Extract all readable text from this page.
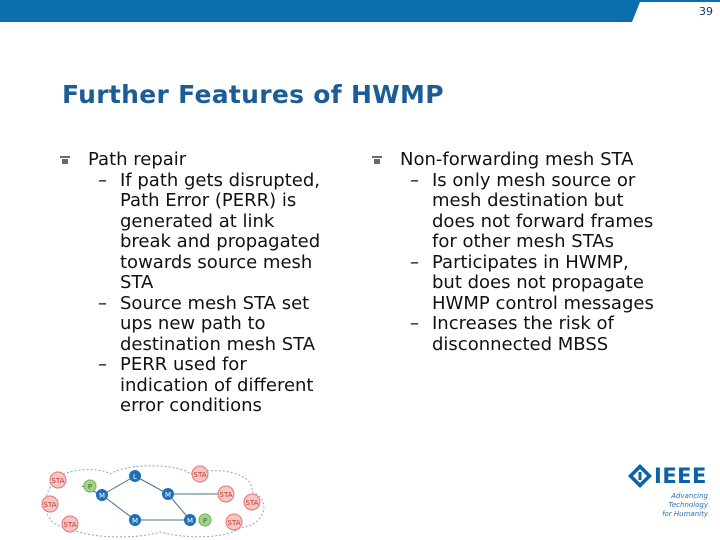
39
Further Features of HWMP
Path repair
– If path gets disrupted,
Path Error (PERR) is
generated at link
break and propagated
towards source mesh
STA
– Source mesh STA set
ups new path to
destination mesh STA
– PERR used for
indication of different
error conditions
Non-forwarding mesh STA
– Is only mesh source or
mesh destination but
does not forward frames
for other mesh STAs
– Participates in HWMP,
but does not propagate
HWMP control messages
– Increases the risk of
disconnected MBSS
STA
STA
STA
P
M
L
M
M	M P
STA
STA
STA
STA
IEEE
Advancing Technology
for Humanity
